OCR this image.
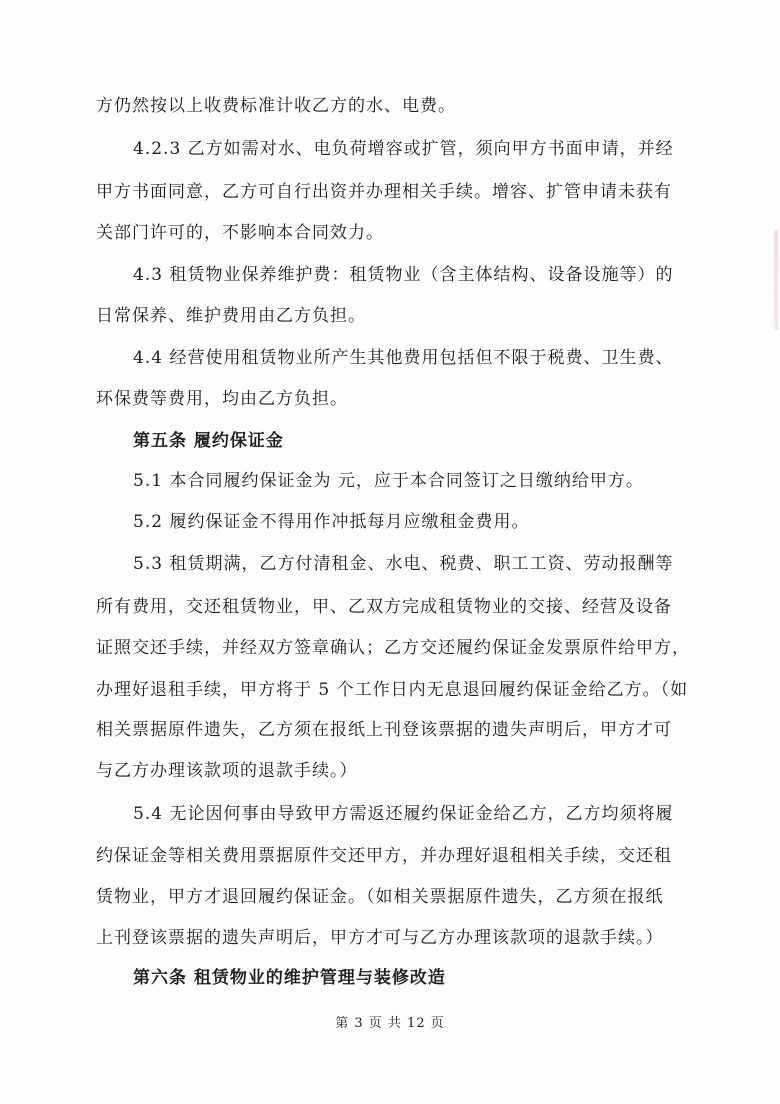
方仍然按以上收费标准计收乙方的水、电费。
4.2.3 乙方如需对水、电负荷增容或扩管，须向甲方书面申请，并经
甲方书面同意，乙方可自行出资并办理相关手续。增容、扩管申请未获有
关部门许可的，不影响本合同效力。
4.3 租赁物业保养维护费：租赁物业（含主体结构、设备设施等）的
日常保养、维护费用由乙方负担。
4.4 经营使用租赁物业所产生其他费用包括但不限于税费、卫生费、
环保费等费用，均由乙方负担。
第五条 履约保证金
5.1 本合同履约保证金为 元，应于本合同签订之日缴纳给甲方。
5.2 履约保证金不得用作冲抵每月应缴租金费用。
5.3 租赁期满，乙方付清租金、水电、税费、职工工资、劳动报酬等
所有费用，交还租赁物业，甲、乙双方完成租赁物业的交接、经营及设备
证照交还手续，并经双方签章确认；乙方交还履约保证金发票原件给甲方，
办理好退租手续，甲方将于 5 个工作日内无息退回履约保证金给乙方。（如
相关票据原件遗失，乙方须在报纸上刊登该票据的遗失声明后，甲方才可
与乙方办理该款项的退款手续。）
5.4 无论因何事由导致甲方需返还履约保证金给乙方，乙方均须将履
约保证金等相关费用票据原件交还甲方，并办理好退租相关手续，交还租
赁物业，甲方才退回履约保证金。（如相关票据原件遗失，乙方须在报纸
上刊登该票据的遗失声明后，甲方才可与乙方办理该款项的退款手续。）
第六条 租赁物业的维护管理与装修改造
第 3 页 共 12 页
